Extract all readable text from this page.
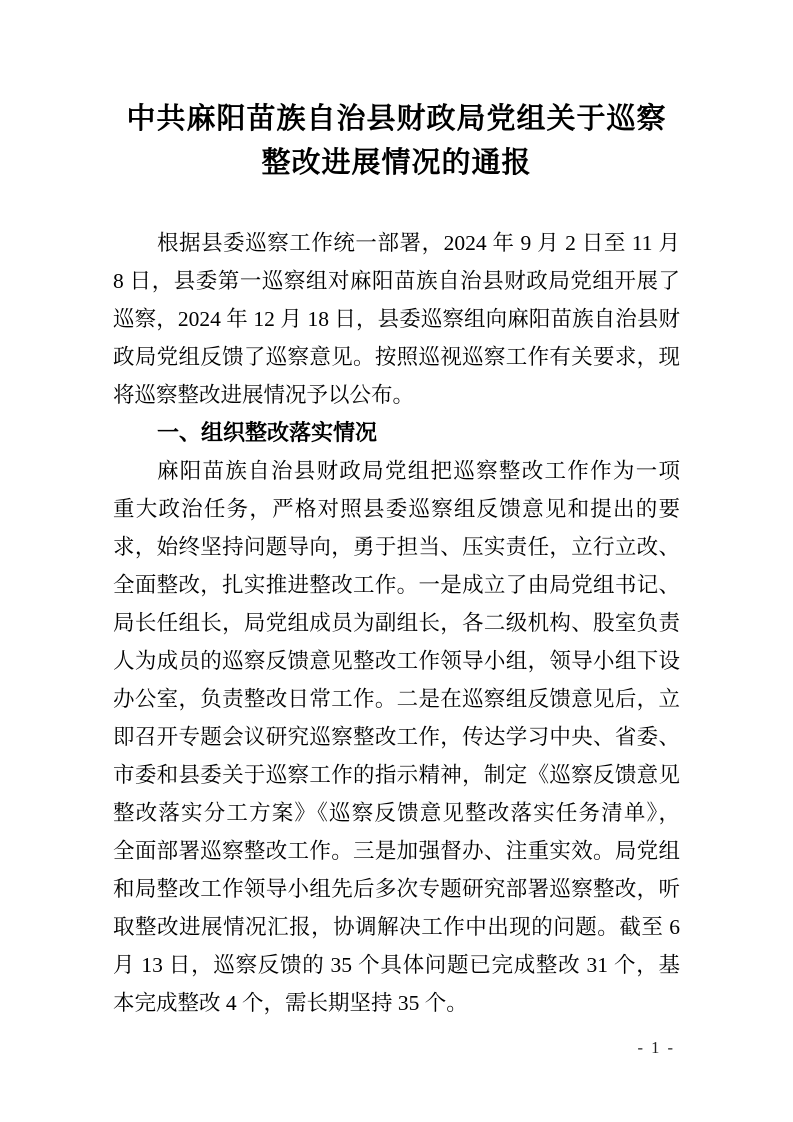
中共麻阳苗族自治县财政局党组关于巡察
整改进展情况的通报
根据县委巡察工作统一部署，2024 年 9 月 2 日至 11 月
8 日，县委第一巡察组对麻阳苗族自治县财政局党组开展了
巡察，2024 年 12 月 18 日，县委巡察组向麻阳苗族自治县财
政局党组反馈了巡察意见。按照巡视巡察工作有关要求，现
将巡察整改进展情况予以公布。
一、组织整改落实情况
麻阳苗族自治县财政局党组把巡察整改工作作为一项
重大政治任务，严格对照县委巡察组反馈意见和提出的要
求，始终坚持问题导向，勇于担当、压实责任，立行立改、
全面整改，扎实推进整改工作。一是成立了由局党组书记、
局长任组长，局党组成员为副组长，各二级机构、股室负责
人为成员的巡察反馈意见整改工作领导小组，领导小组下设
办公室，负责整改日常工作。二是在巡察组反馈意见后，立
即召开专题会议研究巡察整改工作，传达学习中央、省委、
市委和县委关于巡察工作的指示精神，制定《巡察反馈意见
整改落实分工方案》《巡察反馈意见整改落实任务清单》，
全面部署巡察整改工作。三是加强督办、注重实效。局党组
和局整改工作领导小组先后多次专题研究部署巡察整改，听
取整改进展情况汇报，协调解决工作中出现的问题。截至 6
月 13 日，巡察反馈的 35 个具体问题已完成整改 31 个，基
本完成整改 4 个，需长期坚持 35 个。
- 1 -
